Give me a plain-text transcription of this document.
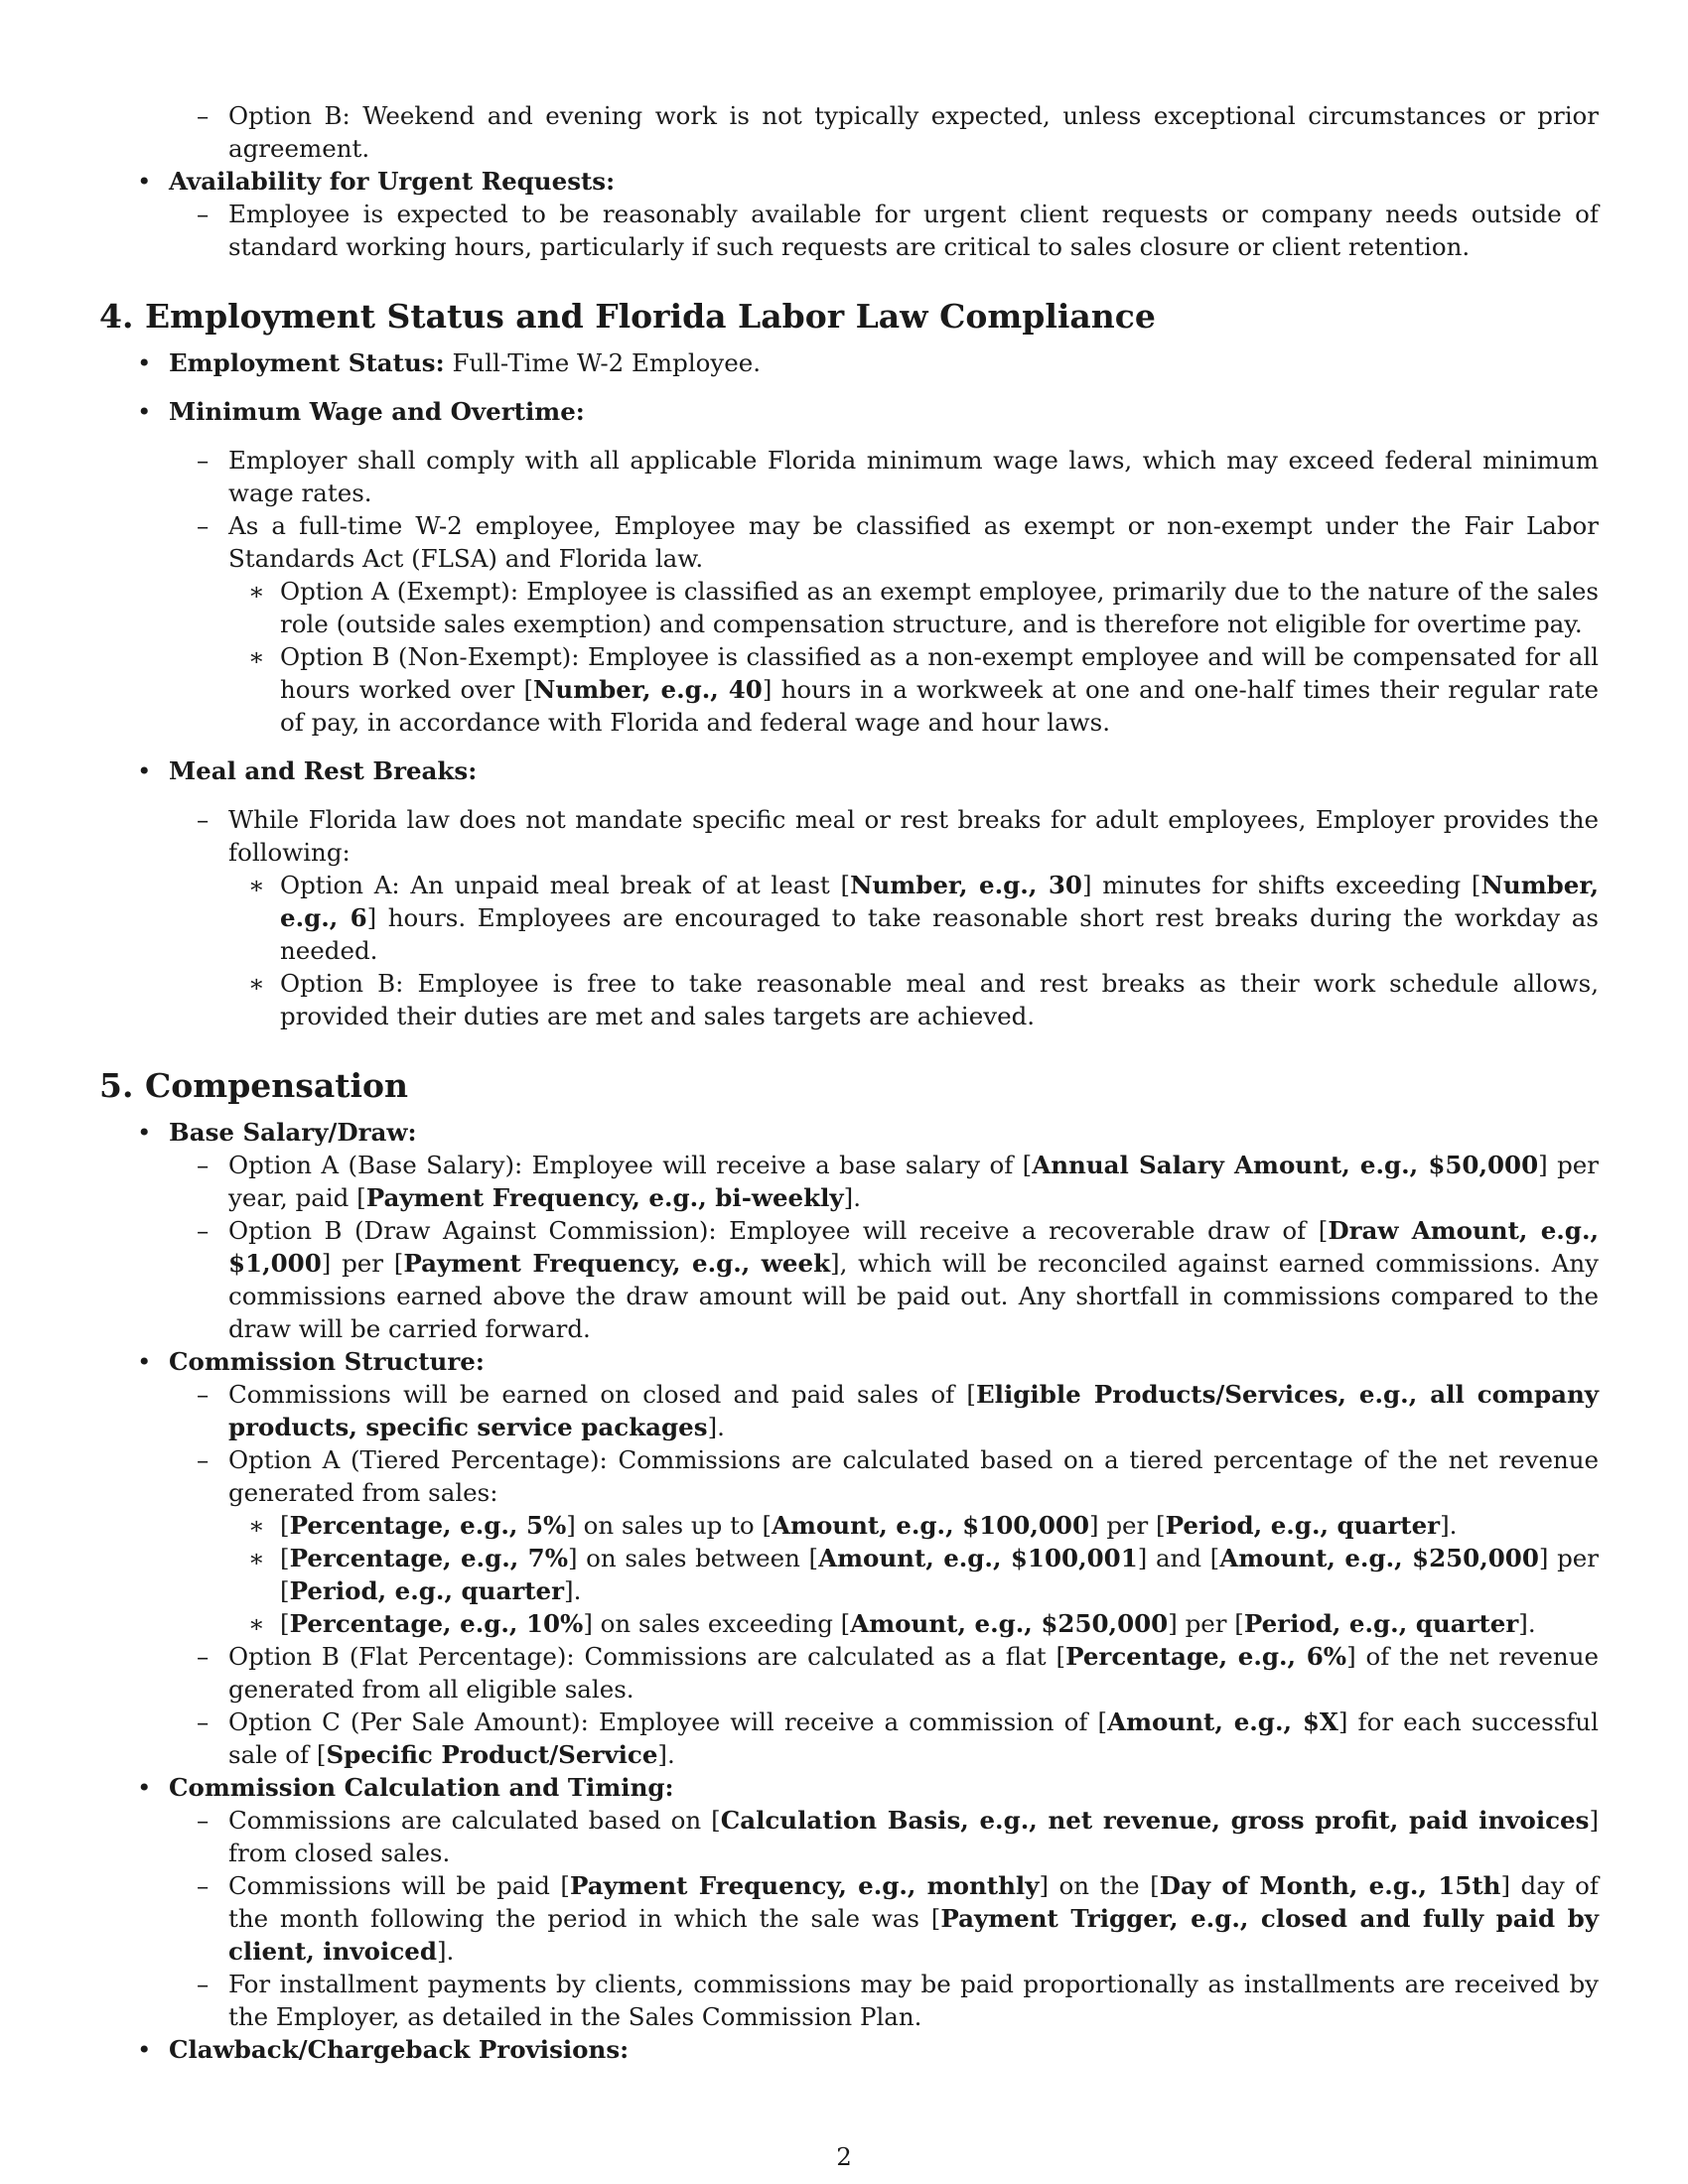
– Option B: Weekend and evening work is not typically expected, unless exceptional circumstances or prior agreement.
• Availability for Urgent Requests:
– Employee is expected to be reasonably available for urgent client requests or company needs outside of standard working hours, particularly if such requests are critical to sales closure or client retention.
4. Employment Status and Florida Labor Law Compliance
• Employment Status: Full-Time W-2 Employee.
• Minimum Wage and Overtime:
– Employer shall comply with all applicable Florida minimum wage laws, which may exceed federal minimum wage rates.
– As a full-time W-2 employee, Employee may be classified as exempt or non-exempt under the Fair Labor Standards Act (FLSA) and Florida law.
∗ Option A (Exempt): Employee is classified as an exempt employee, primarily due to the nature of the sales role (outside sales exemption) and compensation structure, and is therefore not eligible for overtime pay.
∗ Option B (Non-Exempt): Employee is classified as a non-exempt employee and will be compensated for all hours worked over [Number, e.g., 40] hours in a workweek at one and one-half times their regular rate of pay, in accordance with Florida and federal wage and hour laws.
• Meal and Rest Breaks:
– While Florida law does not mandate specific meal or rest breaks for adult employees, Employer provides the following:
∗ Option A: An unpaid meal break of at least [Number, e.g., 30] minutes for shifts exceeding [Number, e.g., 6] hours. Employees are encouraged to take reasonable short rest breaks during the workday as needed.
∗ Option B: Employee is free to take reasonable meal and rest breaks as their work schedule allows, provided their duties are met and sales targets are achieved.
5. Compensation
• Base Salary/Draw:
– Option A (Base Salary): Employee will receive a base salary of [Annual Salary Amount, e.g., $50,000] per year, paid [Payment Frequency, e.g., bi-weekly].
– Option B (Draw Against Commission): Employee will receive a recoverable draw of [Draw Amount, e.g., $1,000] per [Payment Frequency, e.g., week], which will be reconciled against earned commissions. Any commissions earned above the draw amount will be paid out. Any shortfall in commissions compared to the draw will be carried forward.
• Commission Structure:
– Commissions will be earned on closed and paid sales of [Eligible Products/Services, e.g., all company products, specific service packages].
– Option A (Tiered Percentage): Commissions are calculated based on a tiered percentage of the net revenue generated from sales:
∗ [Percentage, e.g., 5%] on sales up to [Amount, e.g., $100,000] per [Period, e.g., quarter].
∗ [Percentage, e.g., 7%] on sales between [Amount, e.g., $100,001] and [Amount, e.g., $250,000] per [Period, e.g., quarter].
∗ [Percentage, e.g., 10%] on sales exceeding [Amount, e.g., $250,000] per [Period, e.g., quarter].
– Option B (Flat Percentage): Commissions are calculated as a flat [Percentage, e.g., 6%] of the net revenue generated from all eligible sales.
– Option C (Per Sale Amount): Employee will receive a commission of [Amount, e.g., $X] for each successful sale of [Specific Product/Service].
• Commission Calculation and Timing:
– Commissions are calculated based on [Calculation Basis, e.g., net revenue, gross profit, paid invoices] from closed sales.
– Commissions will be paid [Payment Frequency, e.g., monthly] on the [Day of Month, e.g., 15th] day of the month following the period in which the sale was [Payment Trigger, e.g., closed and fully paid by client, invoiced].
– For installment payments by clients, commissions may be paid proportionally as installments are received by the Employer, as detailed in the Sales Commission Plan.
• Clawback/Chargeback Provisions:
2
